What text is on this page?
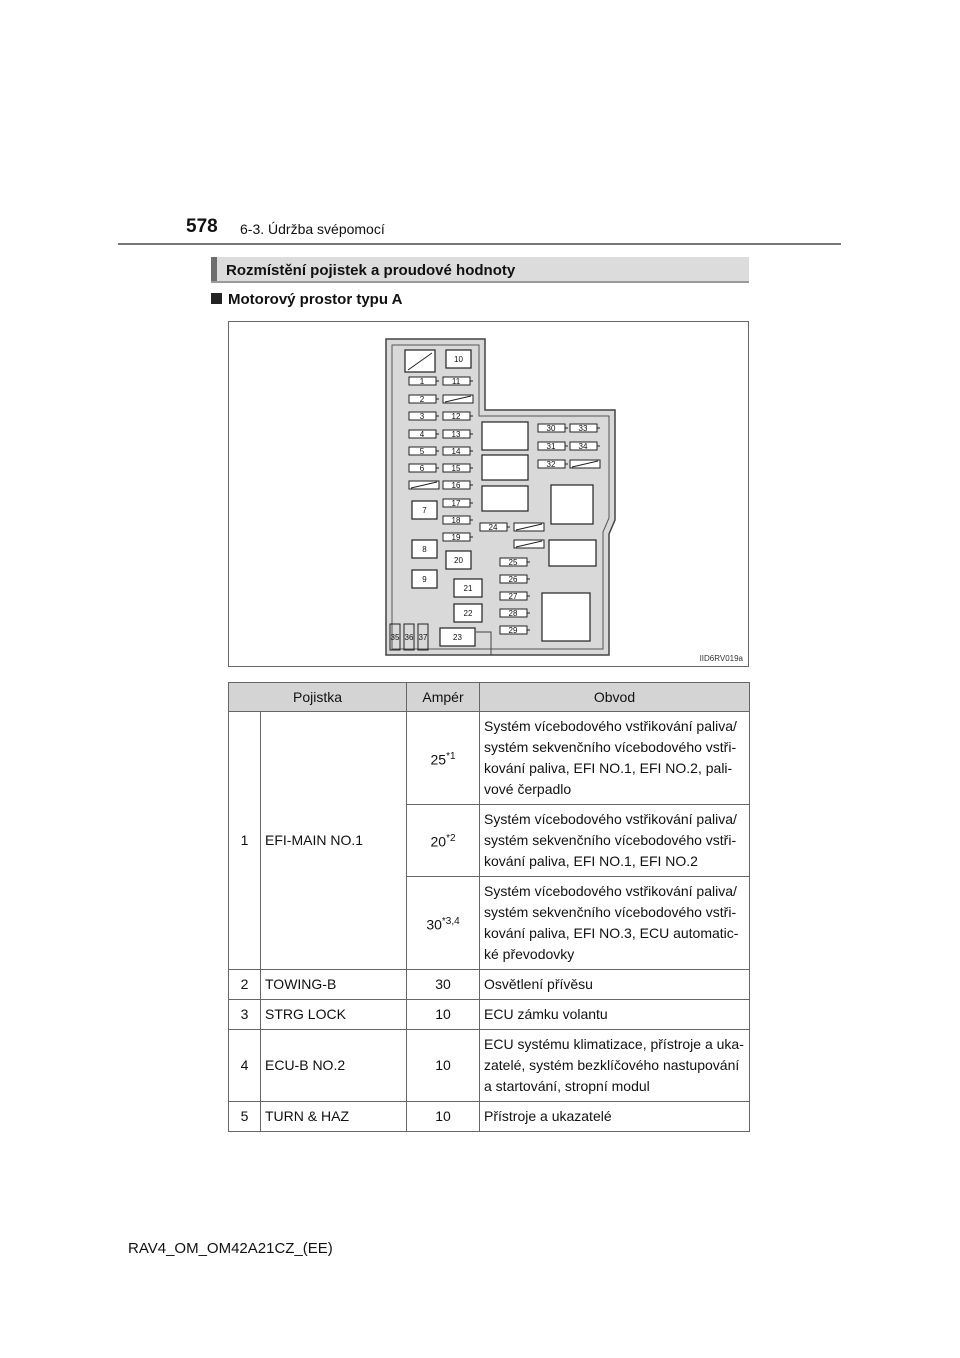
578 6-3. Údržba svépomocí
Rozmístění pojistek a proudové hodnoty
Motorový prostor typu A
10
1
2
3
4
5
6
11
12
13
14
15
16
17
18
19
7
8
9
20
21
22
23
30	33
31	34
32
24
25
26
27
28
29
35 36 37
IID6RV019a
Pojistka		Ampér	Obvod
1	EFI-MAIN NO.1	25$^{*1}$	Systém vícebodového vstřikování paliva/ systém sekvenčního vícebodového vstři-kování paliva, EFI NO.1, EFI NO.2, pali-vové čerpadlo
		20$^{*2}$	Systém vícebodového vstřikování paliva/ systém sekvenčního vícebodového vstři-kování paliva, EFI NO.1, EFI NO.2
		30$^{*3,4}$	Systém vícebodového vstřikování paliva/ systém sekvenčního vícebodového vstři-kování paliva, EFI NO.3, ECU automatic-ké převodovky
2	TOWING-B	30	Osvětlení přívěsu
3	STRG LOCK	10	ECU zámku volantu
4	ECU-B NO.2	10	ECU systému klimatizace, přístroje a uka-zatelé, systém bezklíčového nastupování a startování, stropní modul
5	TURN & HAZ	10	Přístroje a ukazatelé
RAV4_OM_OM42A21CZ_(EE)
